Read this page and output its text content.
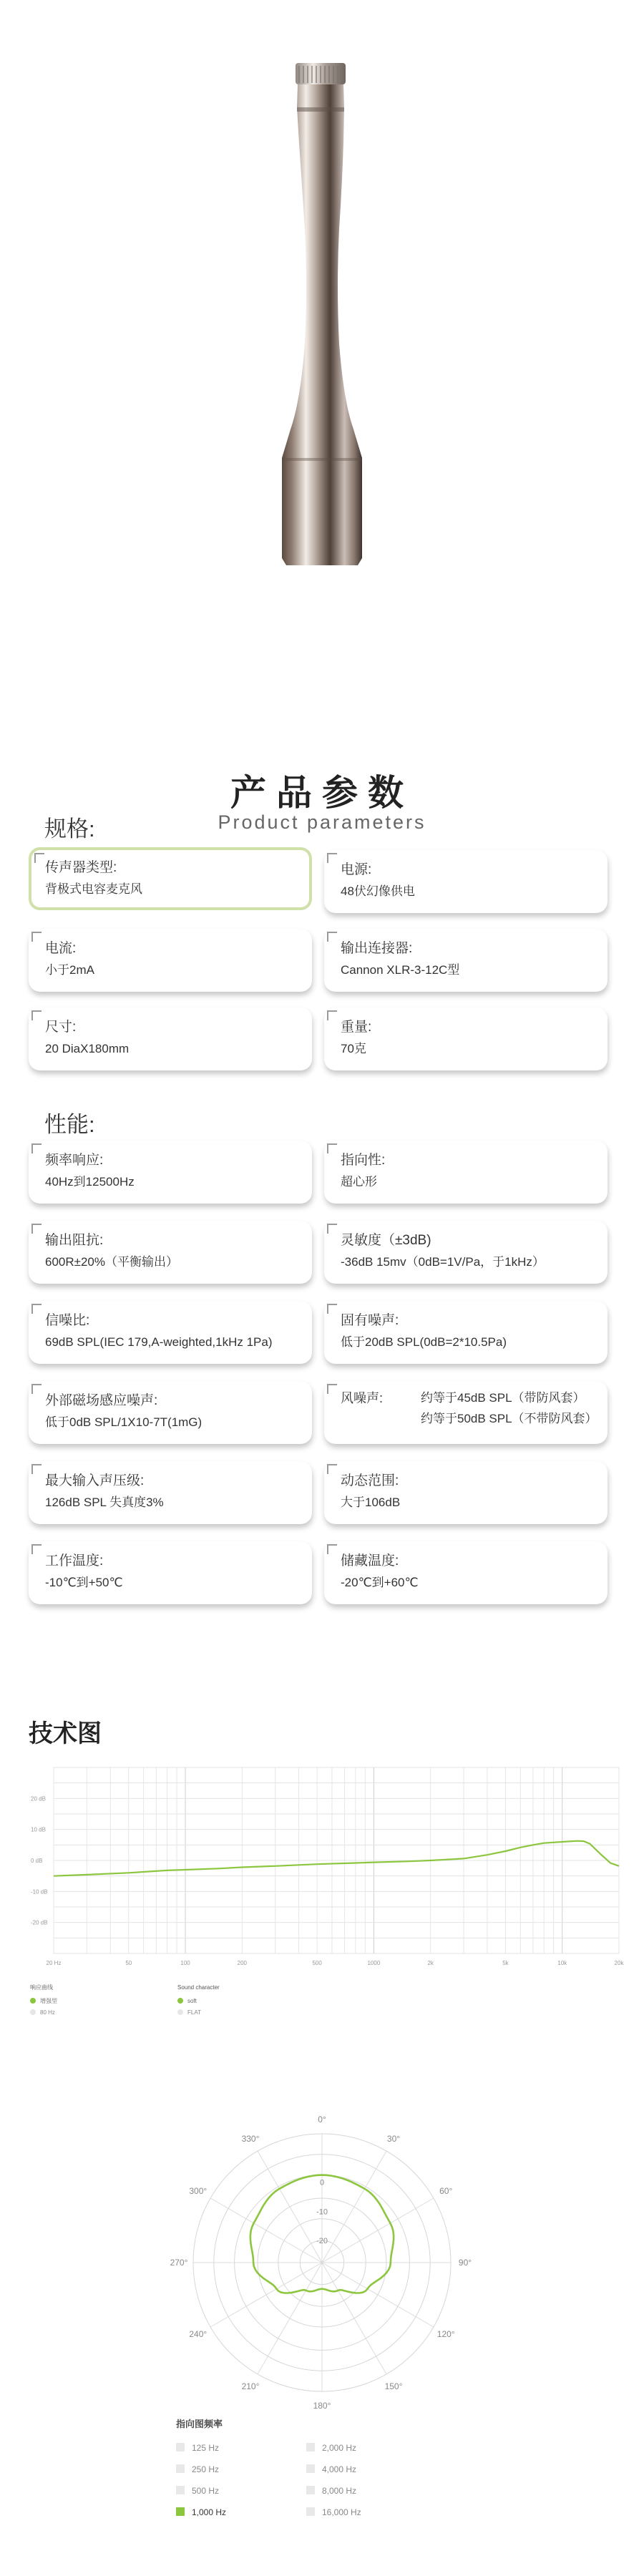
产品参数
Product parameters
规格:
传声器类型:
背极式电容麦克风
电源:
48伏幻像供电
电流:
小于2mA
输出连接器:
Cannon XLR-3-12C型
尺寸:
20 DiaX180mm
重量:
70克
性能:
频率响应:
40Hz到12500Hz
指向性:
超心形
输出阻抗:
600R±20%（平衡输出）
灵敏度（±3dB)
-36dB 15mv（0dB=1V/Pa，于1kHz）
信噪比:
69dB SPL(IEC 179,A-weighted,1kHz 1Pa)
固有噪声:
低于20dB SPL(0dB=2*10.5Pa)
外部磁场感应噪声:
低于0dB SPL/1X10-7T(1mG)
风噪声:	约等于45dB SPL（带防风套）
约等于50dB SPL（不带防风套）
最大输入声压级:
126dB SPL 失真度3%
动态范围:
大于106dB
工作温度:
-10℃到+50℃
储藏温度:
-20℃到+60℃
技术图
20 dB
10 dB
0 dB
-10 dB
-20 dB
20 Hz	50	100	200	500	1000	2k	5k	10k	20k
响应曲线
增强型
80 Hz
Sound character
soft
FLAT
0°
30°
60°
90°
120°
150°
180°
210°
240°
270°
300°
330°
0
-10
-20
指向图频率
125 Hz	2,000 Hz
250 Hz	4,000 Hz
500 Hz	8,000 Hz
1,000 Hz	16,000 Hz
